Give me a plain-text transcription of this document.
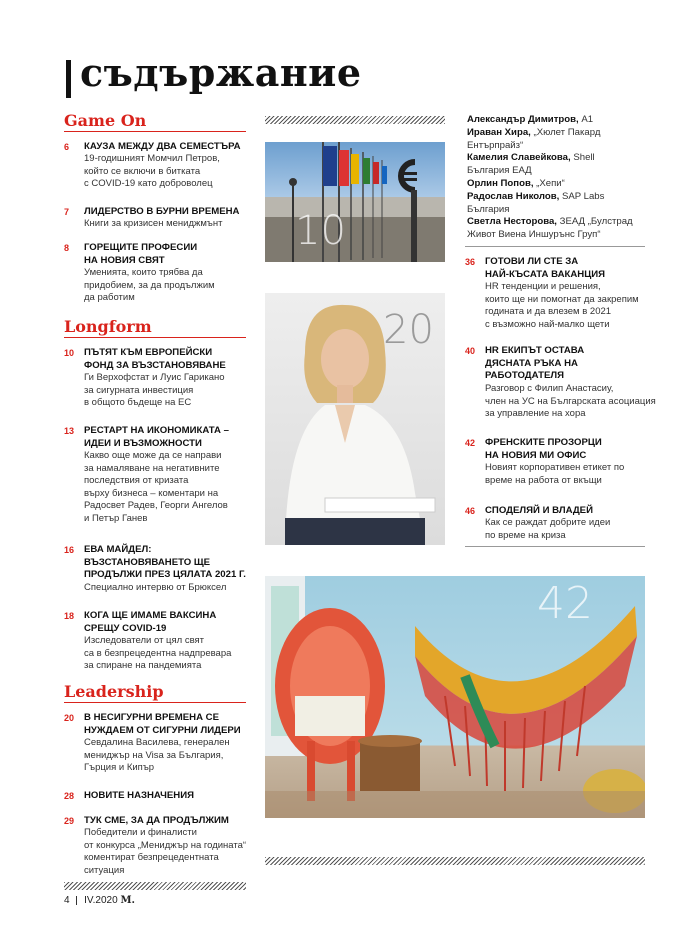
съдържание
Game On
6 КАУЗА МЕЖДУ ДВА СЕМЕСТЪРА
19-годишният Момчил Петров,
който се включи в битката
с COVID-19 като доброволец
7 ЛИДЕРСТВО В БУРНИ ВРЕМЕНА
Книги за кризисен мениджмънт
8 ГОРЕЩИТЕ ПРОФЕСИИ
НА НОВИЯ СВЯТ
Уменията, които трябва да
придобием, за да продължим
да работим
Longform
10 ПЪТЯТ КЪМ ЕВРОПЕЙСКИ
ФОНД ЗА ВЪЗСТАНОВЯВАНЕ
Ги Верхофстат и Луис Гарикано
за сигурната инвестиция
в общото бъдеще на ЕС
13 РЕСТАРТ НА ИКОНОМИКАТА –
ИДЕИ И ВЪЗМОЖНОСТИ
Какво още може да се направи
за намаляване на негативните
последствия от кризата
върху бизнеса – коментари на
Радосвет Радев, Георги Ангелов
и Петър Ганев
16 ЕВА МАЙДЕЛ:
ВЪЗСТАНОВЯВАНЕТО ЩЕ
ПРОДЪЛЖИ ПРЕЗ ЦЯЛАТА 2021 Г.
Специално интервю от Брюксел
18 КОГА ЩЕ ИМАМЕ ВАКСИНА
СРЕЩУ COVID-19
Изследователи от цял свят
са в безпрецедентна надпревара
за спиране на пандемията
Leadership
20 В НЕСИГУРНИ ВРЕМЕНА СЕ
НУЖДАЕМ ОТ СИГУРНИ ЛИДЕРИ
Севдалина Василева, генерален
мениджър на Visa за България,
Гърция и Кипър
28 НОВИТЕ НАЗНАЧЕНИЯ
29 ТУК СМЕ, ЗА ДА ПРОДЪЛЖИМ
Победители и финалисти
от конкурса „Мениджър на годината“
коментират безпрецедентната
ситуация
10
20
Александър Димитров, А1
Ираван Хира, „Хюлет Пакард
Ентърпрайз“
Камелия Славейкова, Shell
България ЕАД
Орлин Попов, „Хепи“
Радослав Николов, SAP Labs
България
Светла Несторова, ЗЕАД „Булстрад
Живот Виена Иншурънс Груп“
36 ГОТОВИ ЛИ СТЕ ЗА
НАЙ-КЪСАТА ВАКАНЦИЯ
HR тенденции и решения,
които ще ни помогнат да закрепим
годината и да влезем в 2021
с възможно най-малко щети
40 HR ЕКИПЪТ ОСТАВА
ДЯСНАТА РЪКА НА
РАБОТОДАТЕЛЯ
Разговор с Филип Анастасиу,
член на УС на Българската асоциация
за управление на хора
42 ФРЕНСКИТЕ ПРОЗОРЦИ
НА НОВИЯ МИ ОФИС
Новият корпоративен етикет по
време на работа от вкъщи
46 СПОДЕЛЯЙ И ВЛАДЕЙ
Как се раждат добрите идеи
по време на криза
42
4 IV.2020 М.
